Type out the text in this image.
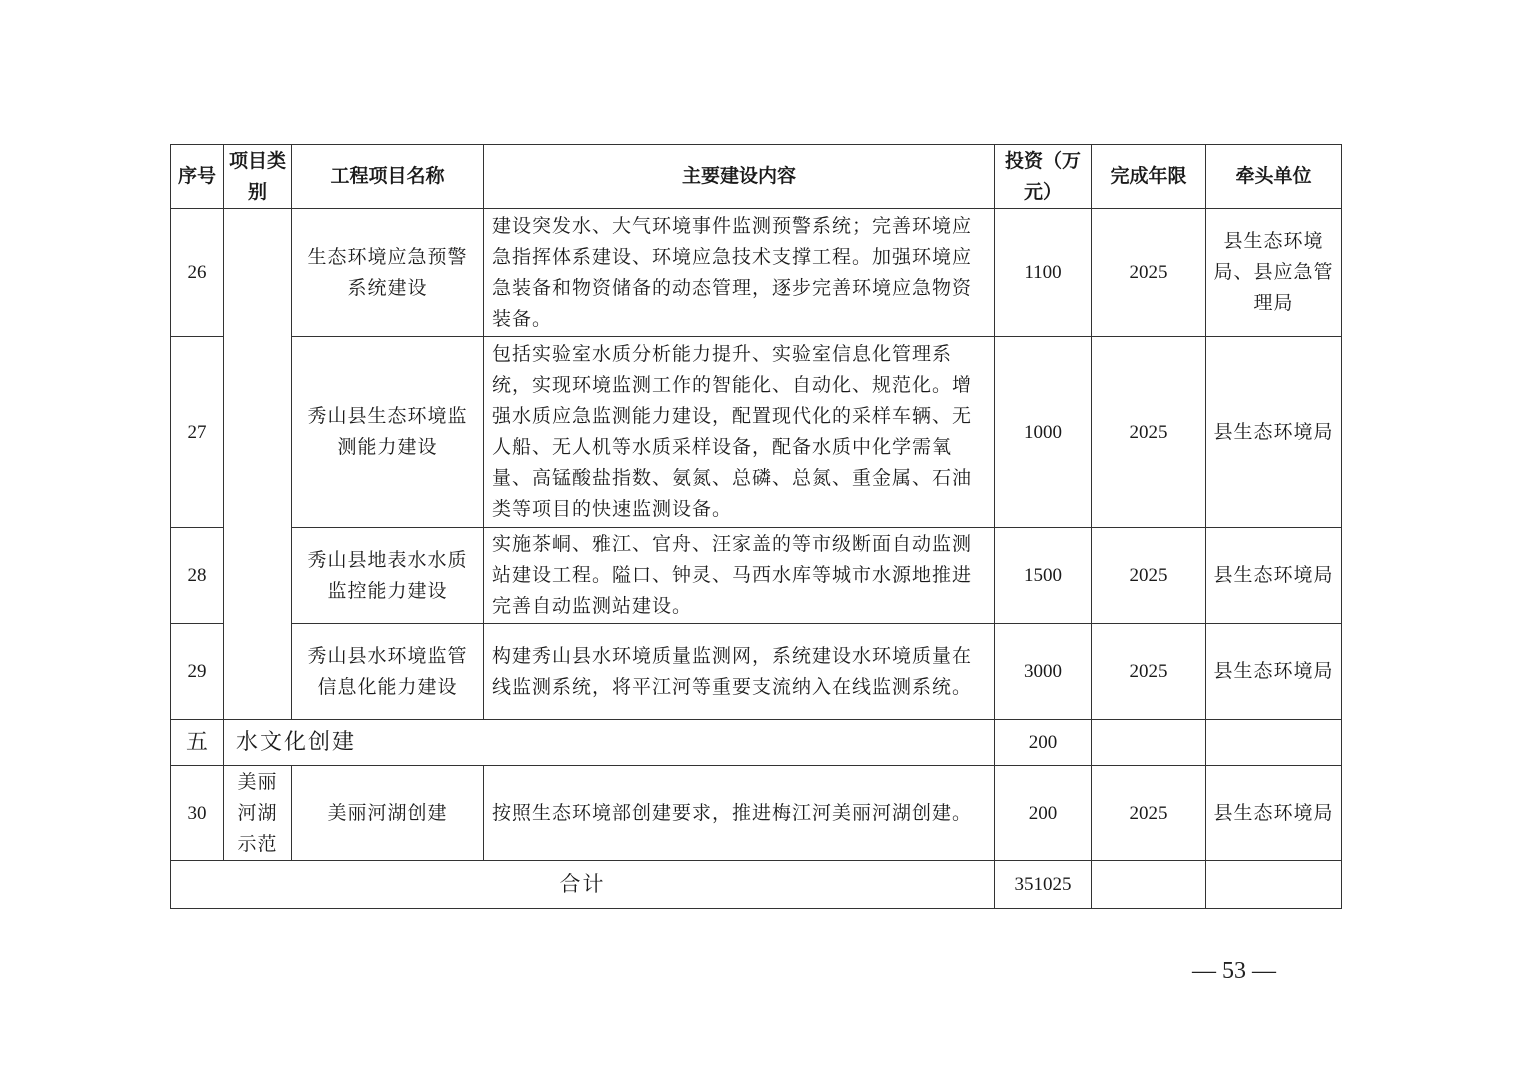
序号	项目类别	工程项目名称	主要建设内容	投资（万元）	完成年限	牵头单位
26		生态环境应急预警系统建设	建设突发水、大气环境事件监测预警系统；完善环境应急指挥体系建设、环境应急技术支撑工程。加强环境应急装备和物资储备的动态管理，逐步完善环境应急物资装备。	1100	2025	县生态环境局、县应急管理局
27		秀山县生态环境监测能力建设	包括实验室水质分析能力提升、实验室信息化管理系统，实现环境监测工作的智能化、自动化、规范化。增强水质应急监测能力建设，配置现代化的采样车辆、无人船、无人机等水质采样设备，配备水质中化学需氧量、高锰酸盐指数、氨氮、总磷、总氮、重金属、石油类等项目的快速监测设备。	1000	2025	县生态环境局
28		秀山县地表水水质监控能力建设	实施茶峒、雅江、官舟、汪家盖的等市级断面自动监测站建设工程。隘口、钟灵、马西水库等城市水源地推进完善自动监测站建设。	1500	2025	县生态环境局
29		秀山县水环境监管信息化能力建设	构建秀山县水环境质量监测网，系统建设水环境质量在线监测系统，将平江河等重要支流纳入在线监测系统。	3000	2025	县生态环境局
五	水文化创建			200		
30	美丽河湖示范	美丽河湖创建	按照生态环境部创建要求，推进梅江河美丽河湖创建。	200	2025	县生态环境局
合计				351025		
— 53 —
